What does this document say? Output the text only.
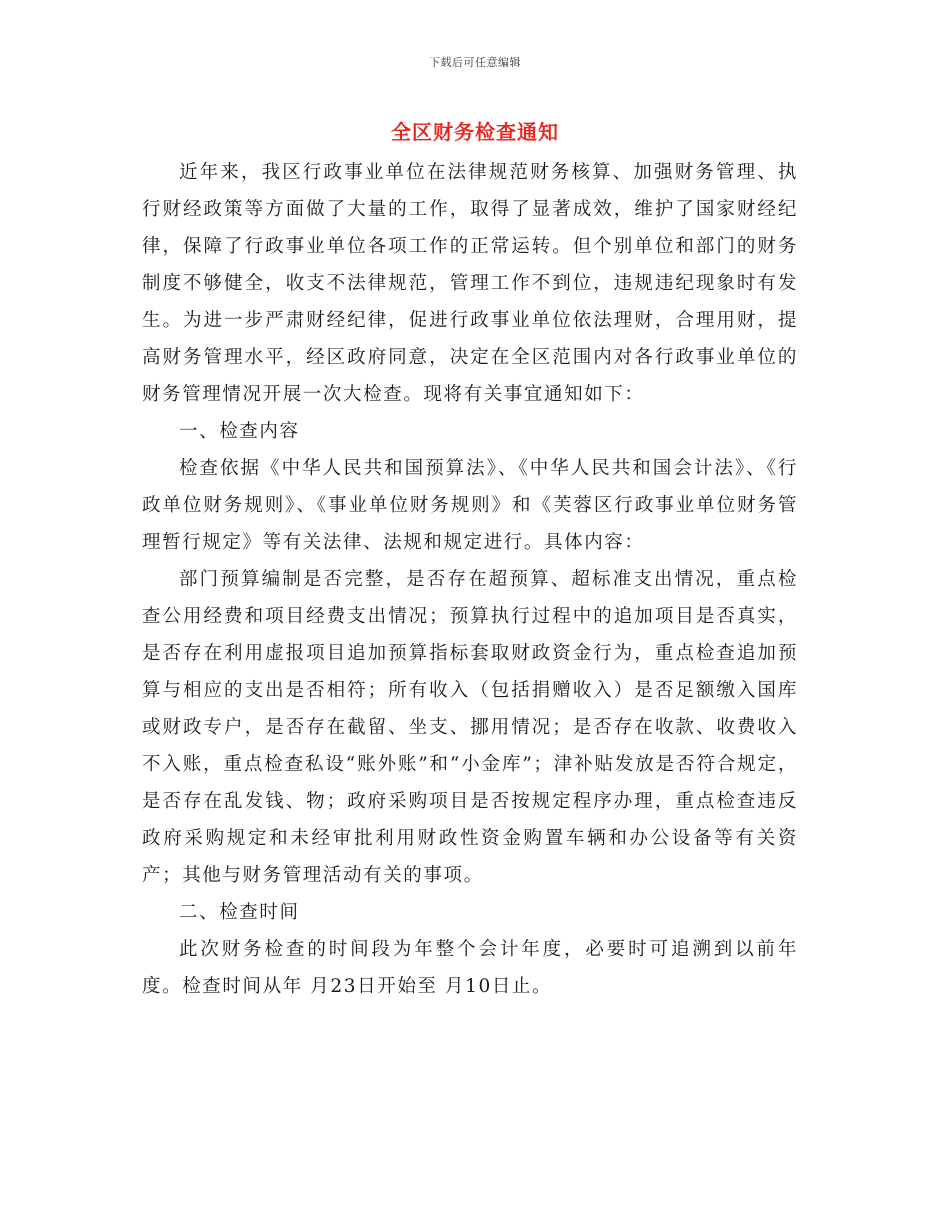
下载后可任意编辑
全区财务检查通知

近年来，我区行政事业单位在法律规范财务核算、加强财务管理、执行财经政策等方面做了大量的工作，取得了显著成效，维护了国家财经纪律，保障了行政事业单位各项工作的正常运转。但个别单位和部门的财务制度不够健全，收支不法律规范，管理工作不到位，违规违纪现象时有发生。为进一步严肃财经纪律，促进行政事业单位依法理财，合理用财，提高财务管理水平，经区政府同意，决定在全区范围内对各行政事业单位的财务管理情况开展一次大检查。现将有关事宜通知如下：

一、检查内容

检查依据《中华人民共和国预算法》、《中华人民共和国会计法》、《行政单位财务规则》、《事业单位财务规则》和《芙蓉区行政事业单位财务管理暂行规定》等有关法律、法规和规定进行。具体内容：

部门预算编制是否完整，是否存在超预算、超标准支出情况，重点检查公用经费和项目经费支出情况；预算执行过程中的追加项目是否真实，是否存在利用虚报项目追加预算指标套取财政资金行为，重点检查追加预算与相应的支出是否相符；所有收入（包括捐赠收入）是否足额缴入国库或财政专户，是否存在截留、坐支、挪用情况；是否存在收款、收费收入不入账，重点检查私设“账外账”和“小金库”；津补贴发放是否符合规定，是否存在乱发钱、物；政府采购项目是否按规定程序办理，重点检查违反政府采购规定和未经审批利用财政性资金购置车辆和办公设备等有关资产；其他与财务管理活动有关的事项。

二、检查时间

此次财务检查的时间段为年整个会计年度，必要时可追溯到以前年度。检查时间从年 月23日开始至 月10日止。
